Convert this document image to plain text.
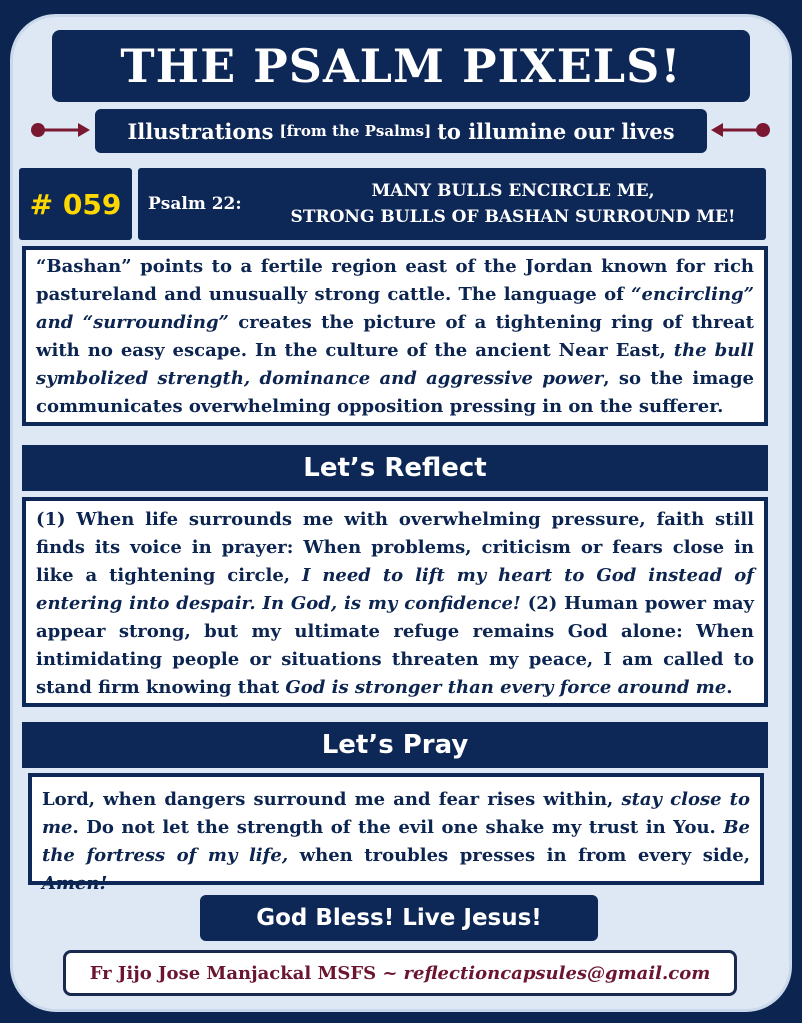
THE PSALM PIXELS!
Illustrations [from the Psalms] to illumine our lives
# 059	Psalm 22:
MANY BULLS ENCIRCLE ME,
STRONG BULLS OF BASHAN SURROUND ME!
“Bashan” points to a fertile region east of the Jordan known for rich pastureland and unusually strong cattle. The language of “encircling” and “surrounding” creates the picture of a tightening ring of threat with no easy escape. In the culture of the ancient Near East, the bull symbolized strength, dominance and aggressive power, so the image communicates overwhelming opposition pressing in on the sufferer.
Let’s Reflect
(1) When life surrounds me with overwhelming pressure, faith still finds its voice in prayer: When problems, criticism or fears close in like a tightening circle, I need to lift my heart to God instead of entering into despair. In God, is my confidence! (2) Human power may appear strong, but my ultimate refuge remains God alone: When intimidating people or situations threaten my peace, I am called to stand firm knowing that God is stronger than every force around me.
Let’s Pray
Lord, when dangers surround me and fear rises within, stay close to me. Do not let the strength of the evil one shake my trust in You. Be the fortress of my life, when troubles presses in from every side, Amen!
God Bless! Live Jesus!
Fr Jijo Jose Manjackal MSFS ~ reflectioncapsules@gmail.com
